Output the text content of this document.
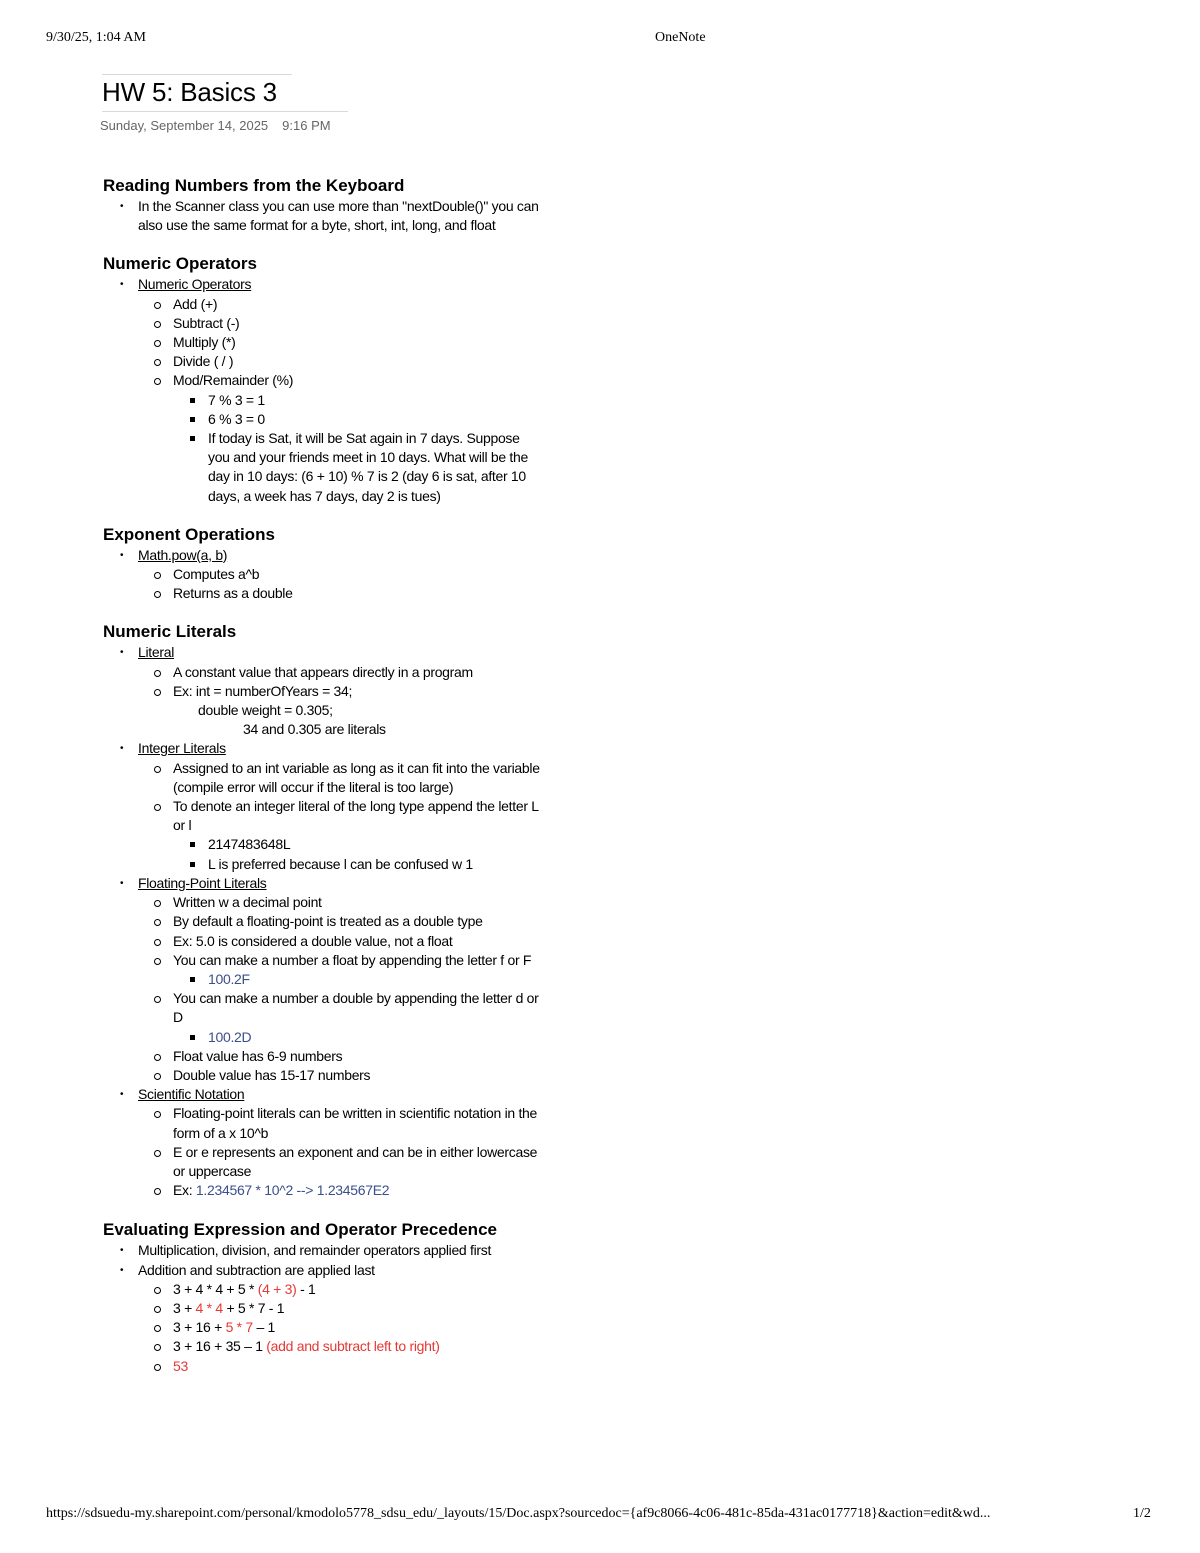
9/30/25, 1:04 AM	OneNote
HW 5: Basics 3
Sunday, September 14, 2025 9:16 PM
Reading Numbers from the Keyboard
• In the Scanner class you can use more than "nextDouble()" you can also use the same format for a byte, short, int, long, and float
Numeric Operators
• Numeric Operators
Add (+)
Subtract (-)
Multiply (*)
Divide ( / )
Mod/Remainder (%)
7 % 3 = 1
6 % 3 = 0
If today is Sat, it will be Sat again in 7 days. Suppose you and your friends meet in 10 days. What will be the day in 10 days: (6 + 10) % 7 is 2 (day 6 is sat, after 10 days, a week has 7 days, day 2 is tues)
Exponent Operations
• Math.pow(a, b)
Computes a^b
Returns as a double
Numeric Literals
• Literal
A constant value that appears directly in a program
Ex: int = numberOfYears = 34;
double weight = 0.305;
34 and 0.305 are literals
• Integer Literals
Assigned to an int variable as long as it can fit into the variable (compile error will occur if the literal is too large)
To denote an integer literal of the long type append the letter L or l
2147483648L
L is preferred because l can be confused w 1
• Floating-Point Literals
Written w a decimal point
By default a floating-point is treated as a double type
Ex: 5.0 is considered a double value, not a float
You can make a number a float by appending the letter f or F
100.2F
You can make a number a double by appending the letter d or D
100.2D
Float value has 6-9 numbers
Double value has 15-17 numbers
• Scientific Notation
Floating-point literals can be written in scientific notation in the form of a x 10^b
E or e represents an exponent and can be in either lowercase or uppercase
Ex: 1.234567 * 10^2 --> 1.234567E2
Evaluating Expression and Operator Precedence
• Multiplication, division, and remainder operators applied first
• Addition and subtraction are applied last
3 + 4 * 4 + 5 * (4 + 3) - 1
3 + 4 * 4 + 5 * 7 - 1
3 + 16 + 5 * 7 – 1
3 + 16 + 35 – 1 (add and subtract left to right)
53
https://sdsuedu-my.sharepoint.com/personal/kmodolo5778_sdsu_edu/_layouts/15/Doc.aspx?sourcedoc={af9c8066-4c06-481c-85da-431ac0177718}&action=edit&wd...	1/2
